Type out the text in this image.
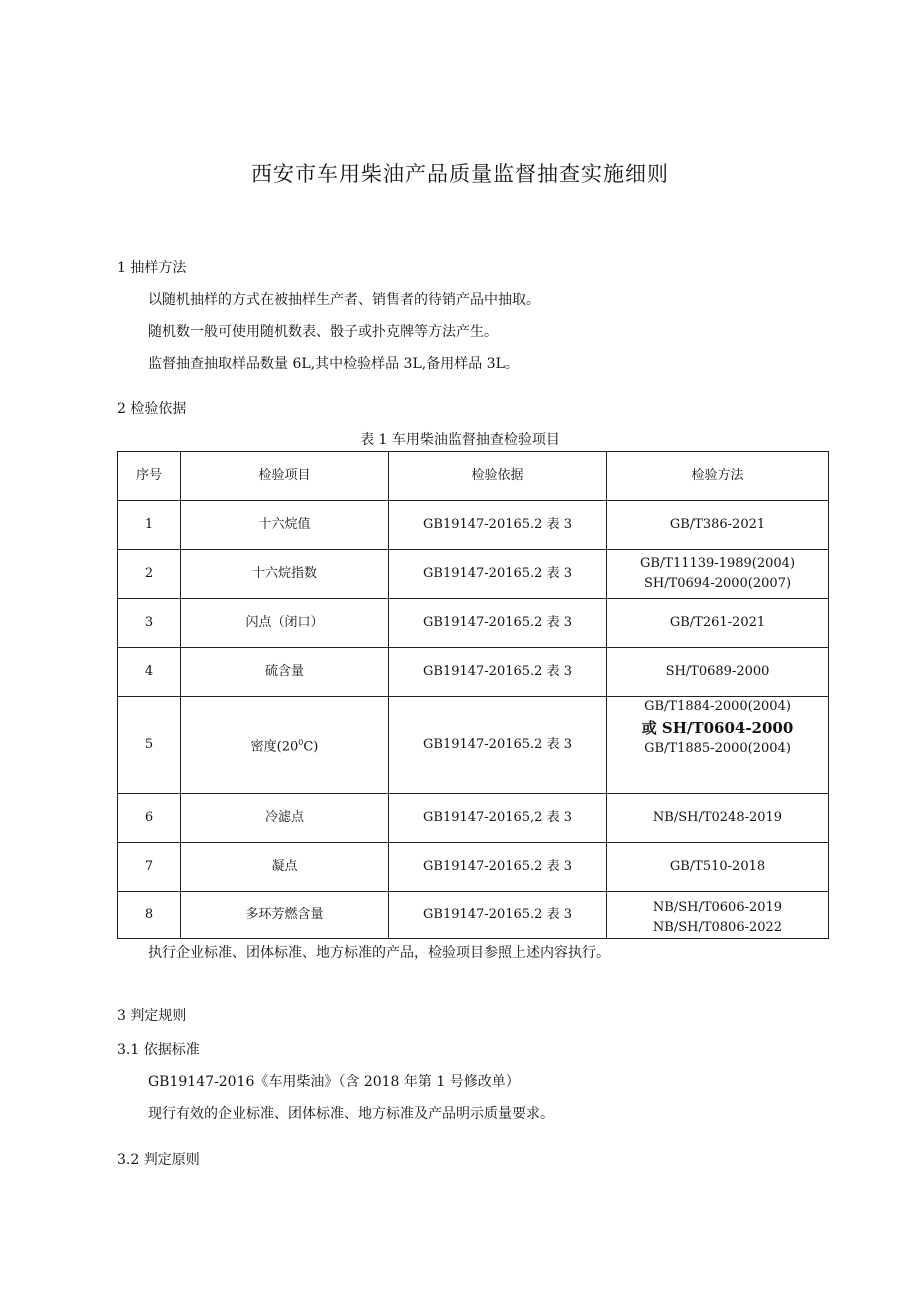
西安市车用柴油产品质量监督抽查实施细则
1 抽样方法
以随机抽样的方式在被抽样生产者、销售者的待销产品中抽取。
随机数一般可使用随机数表、骰子或扑克牌等方法产生。
监督抽查抽取样品数量 6L,其中检验样品 3L,备用样品 3L。
2 检验依据
表 1 车用柴油监督抽查检验项目
序号	检验项目	检验依据	检验方法
1	十六烷值	GB19147-20165.2 表 3	GB/T386-2021
2	十六烷指数	GB19147-20165.2 表 3	GB/T11139-1989(2004)
SH/T0694-2000(2007)

3	闪点（闭口）	GB19147-20165.2 表 3	GB/T261-2021
4	硫含量	GB19147-20165.2 表 3	SH/T0689-2000
5	密度$(20^0C)$	GB19147-20165.2 表 3	GB/T1884-2000(2004)
或 SH/T0604-2000
GB/T1885-2000(2004)

6	冷滤点	GB19147-20165,2 表 3	NB/SH/T0248-2019
7	凝点	GB19147-20165.2 表 3	GB/T510-2018
8	多环芳燃含量	GB19147-20165.2 表 3	NB/SH/T0606-2019
NB/SH/T0806-2022
执行企业标准、团体标准、地方标准的产品，检验项目参照上述内容执行。
3 判定规则
3.1 依据标准
GB19147-2016《车用柴油》（含 2018 年第 1 号修改单）
现行有效的企业标准、团体标准、地方标准及产品明示质量要求。
3.2 判定原则
